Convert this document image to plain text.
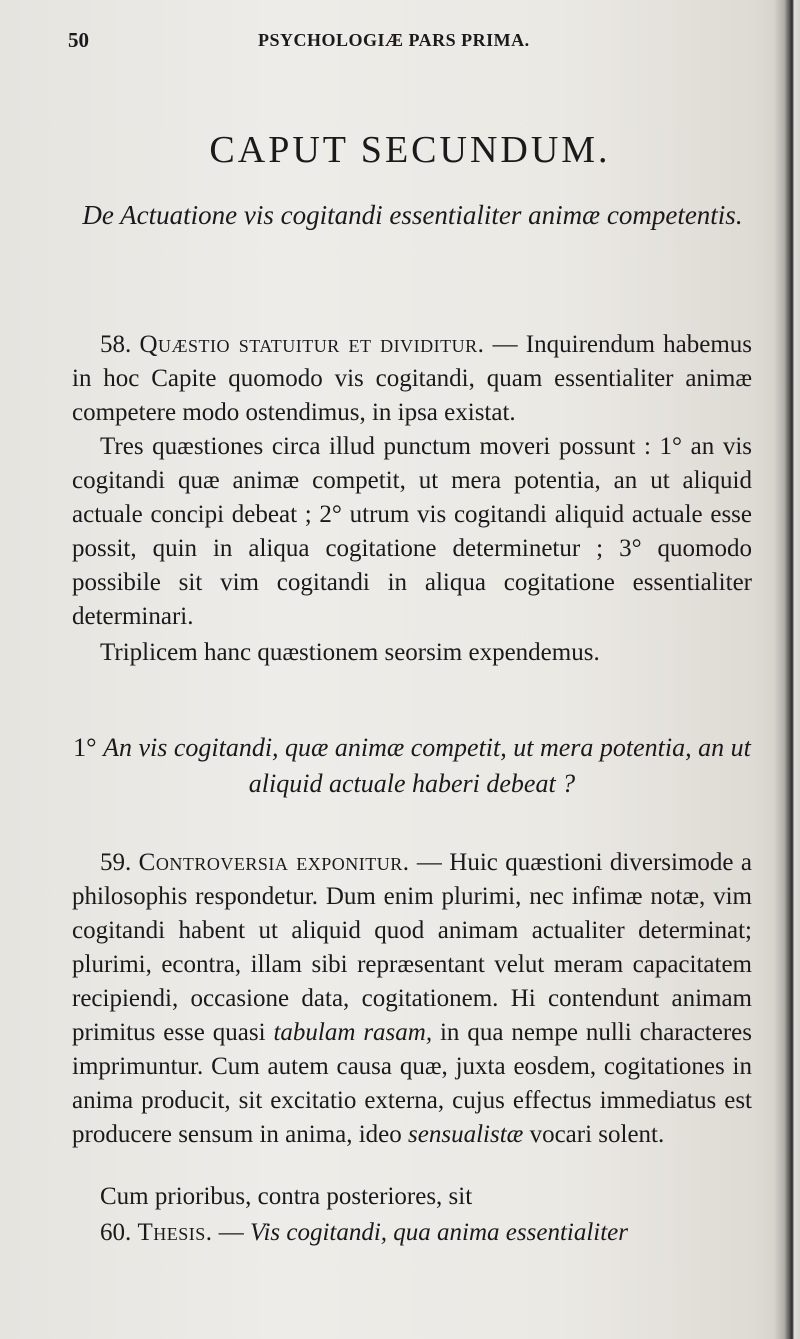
50	PSYCHOLOGIÆ PARS PRIMA.
CAPUT SECUNDUM.
De Actuatione vis cogitandi essentialiter animæ competentis.
58. Quæstio statuitur et dividitur. — Inquirendum habemus in hoc Capite quomodo vis cogitandi, quam essentialiter animæ competere modo ostendimus, in ipsa existat.
Tres quæstiones circa illud punctum moveri possunt : 1° an vis cogitandi quæ animæ competit, ut mera potentia, an ut aliquid actuale concipi debeat ; 2° utrum vis cogitandi aliquid actuale esse possit, quin in aliqua cogitatione determinetur ; 3° quomodo possibile sit vim cogitandi in aliqua cogitatione essentialiter determinari.
Triplicem hanc quæstionem seorsim expendemus.
1° An vis cogitandi, quæ animæ competit, ut mera potentia, an ut aliquid actuale haberi debeat ?
59. Controversia exponitur. — Huic quæstioni diversimode a philosophis respondetur. Dum enim plurimi, nec infimæ notæ, vim cogitandi habent ut aliquid quod animam actualiter determinat; plurimi, econtra, illam sibi repræsentant velut meram capacitatem recipiendi, occasione data, cogitationem. Hi contendunt animam primitus esse quasi tabulam rasam, in qua nempe nulli characteres imprimuntur. Cum autem causa quæ, juxta eosdem, cogitationes in anima producit, sit excitatio externa, cujus effectus immediatus est producere sensum in anima, ideo sensualistæ vocari solent.
Cum prioribus, contra posteriores, sit
60. Thesis. — Vis cogitandi, qua anima essentialiter
